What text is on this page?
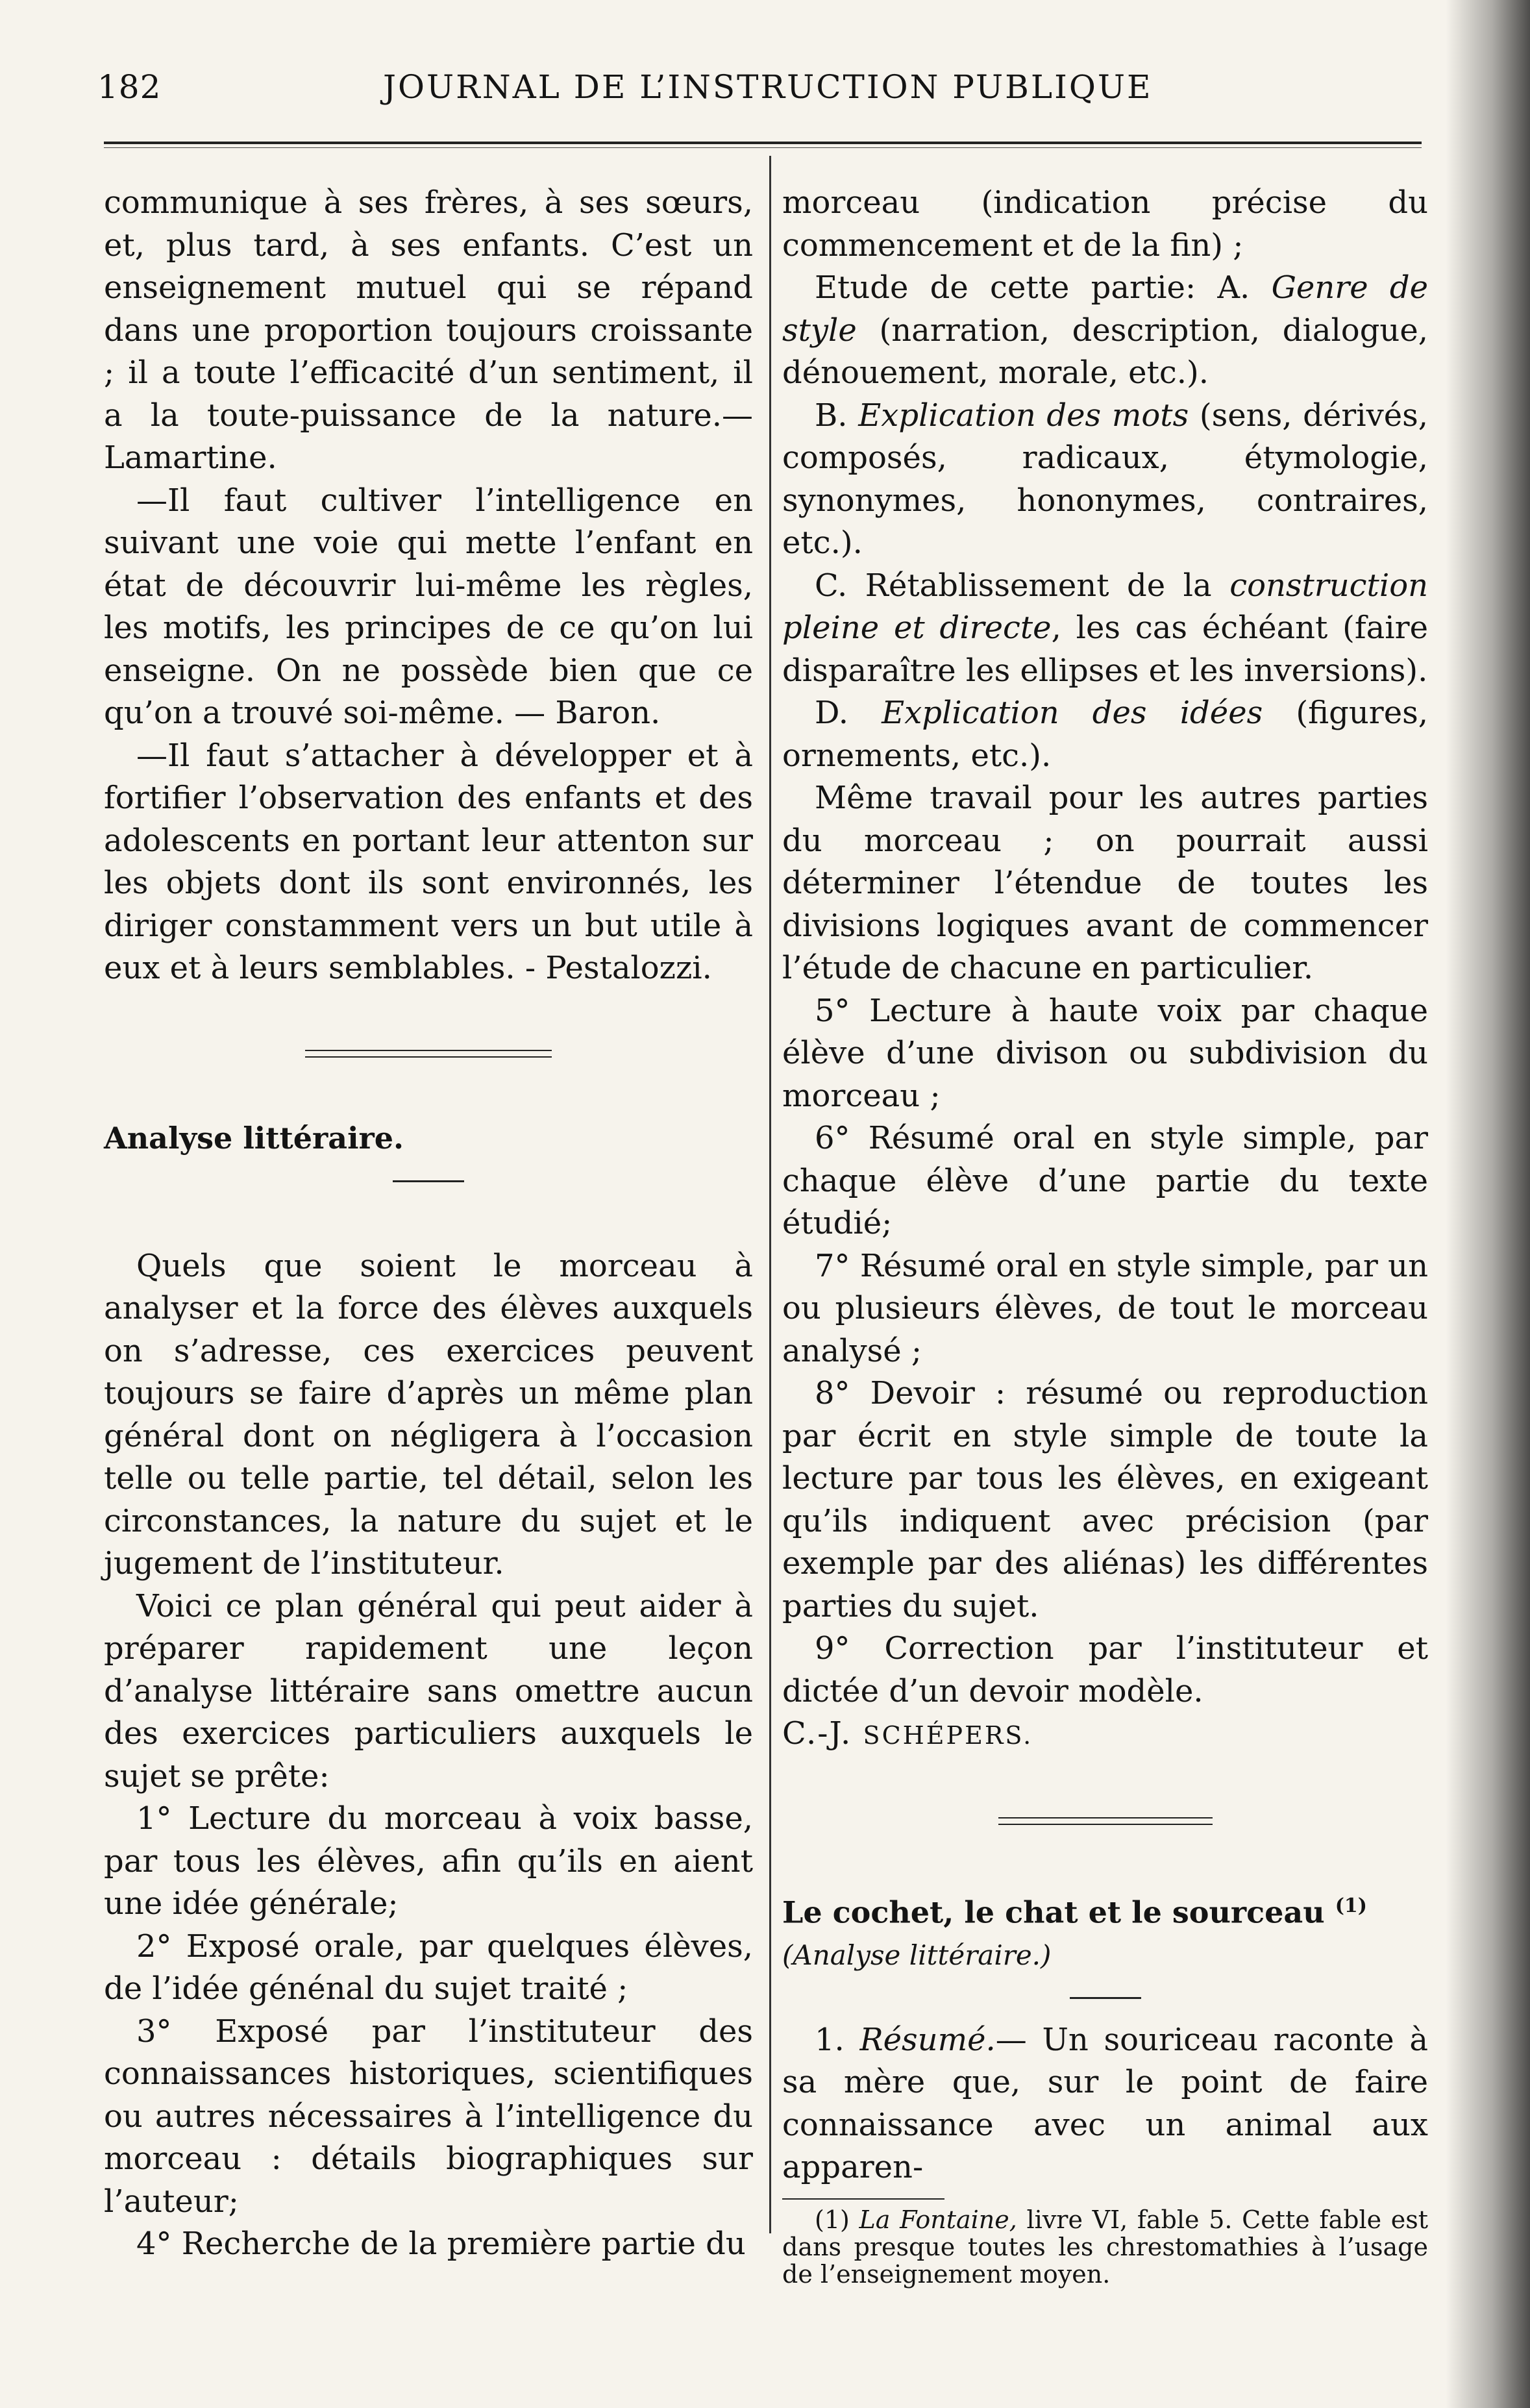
182	JOURNAL DE L’INSTRUCTION PUBLIQUE

communique à ses frères, à ses sœurs, et, plus tard, à ses enfants. C’est un enseignement mutuel qui se répand dans une proportion toujours croissante ; il a toute l’efficacité d’un sentiment, il a la toute-puissance de la nature.—Lamartine.

—Il faut cultiver l’intelligence en suivant une voie qui mette l’enfant en état de découvrir lui-même les règles, les motifs, les principes de ce qu’on lui enseigne. On ne possède bien que ce qu’on a trouvé soi-même. — Baron.

—Il faut s’attacher à développer et à fortifier l’observation des enfants et des adolescents en portant leur attenton sur les objets dont ils sont environnés, les diriger constamment vers un but utile à eux et à leurs semblables. - Pestalozzi.

Analyse littéraire.

Quels que soient le morceau à analyser et la force des élèves auxquels on s’adresse, ces exercices peuvent toujours se faire d’après un même plan général dont on négligera à l’occasion telle ou telle partie, tel détail, selon les circonstances, la nature du sujet et le jugement de l’instituteur.

Voici ce plan général qui peut aider à préparer rapidement une leçon d’analyse littéraire sans omettre aucun des exercices particuliers auxquels le sujet se prête:

1° Lecture du morceau à voix basse, par tous les élèves, afin qu’ils en aient une idée générale;

2° Exposé orale, par quelques élèves, de l’idée génénal du sujet traité ;

3° Exposé par l’instituteur des connaissances historiques, scientifiques ou autres nécessaires à l’intelligence du morceau : détails biographiques sur l’auteur;

4° Recherche de la première partie du

morceau (indication précise du commencement et de la fin) ;

Etude de cette partie: A. Genre de style (narration, description, dialogue, dénouement, morale, etc.).

B. Explication des mots (sens, dérivés, composés, radicaux, étymologie, synonymes, hononymes, contraires, etc.).

C. Rétablissement de la construction pleine et directe, les cas échéant (faire disparaître les ellipses et les inversions).

D. Explication des idées (figures, ornements, etc.).

Même travail pour les autres parties du morceau ; on pourrait aussi déterminer l’étendue de toutes les divisions logiques avant de commencer l’étude de chacune en particulier.

5° Lecture à haute voix par chaque élève d’une divison ou subdivision du morceau ;

6° Résumé oral en style simple, par chaque élève d’une partie du texte étudié;

7° Résumé oral en style simple, par un ou plusieurs élèves, de tout le morceau analysé ;

8° Devoir : résumé ou reproduction par écrit en style simple de toute la lecture par tous les élèves, en exigeant qu’ils indiquent avec précision (par exemple par des aliénas) les différentes parties du sujet.

9° Correction par l’instituteur et dictée d’un devoir modèle.

C.-J. SCHÉPERS.

Le cochet, le chat et le sourceau $^{(1)}$

(Analyse littéraire.)

1. Résumé.— Un souriceau raconte à sa mère que, sur le point de faire connaissance avec un animal aux apparen-

(1) La Fontaine, livre VI, fable 5. Cette fable est dans presque toutes les chrestomathies à l’usage de l’enseignement moyen.
